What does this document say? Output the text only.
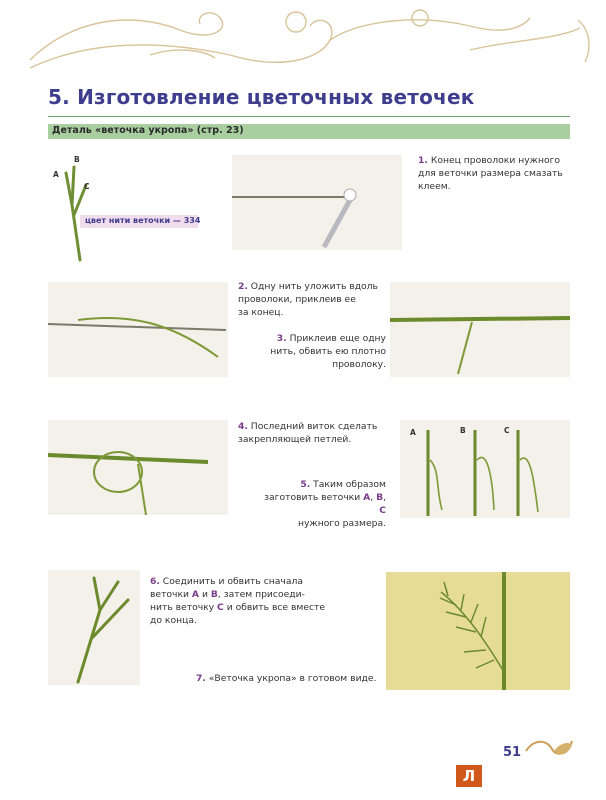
5. Изготовление цветочных веточек
Деталь «веточка укропа» (стр. 23)
B
A
C
цвет нити веточки — 334
1. Конец проволоки нужного
для веточки размера смазать
клеем.
2. Одну нить уложить вдоль
проволоки, приклеив ее
за конец.
3. Приклеив еще одну
нить, обвить ею плотно
проволоку.
4. Последний виток сделать
закрепляющей петлей.
5. Таким образом
заготовить веточки A, B, C
нужного размера.
A	B	C
6. Соединить и обвить сначала
веточки A и B, затем присоеди-
нить веточку C и обвить все вместе
до конца.
7. «Веточка укропа» в готовом виде.
51
Л
